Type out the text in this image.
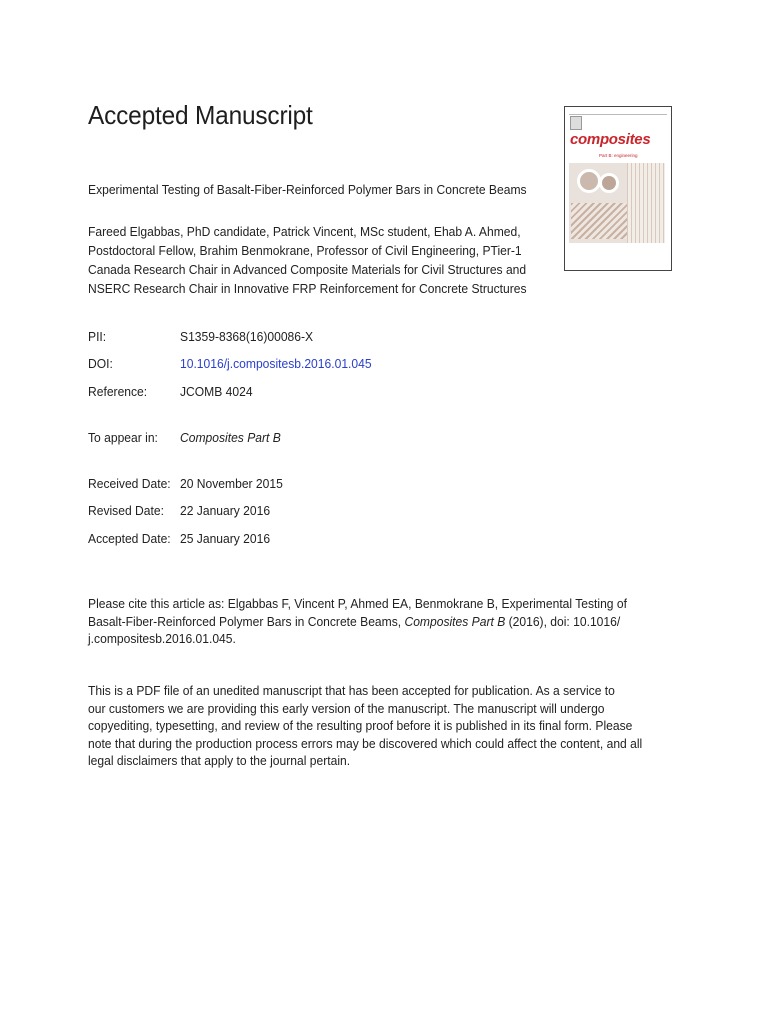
Accepted Manuscript
composites
Part B: engineering
Experimental Testing of Basalt-Fiber-Reinforced Polymer Bars in Concrete Beams
Fareed Elgabbas, PhD candidate, Patrick Vincent, MSc student, Ehab A. Ahmed,
Postdoctoral Fellow, Brahim Benmokrane, Professor of Civil Engineering, PTier-1
Canada Research Chair in Advanced Composite Materials for Civil Structures and
NSERC Research Chair in Innovative FRP Reinforcement for Concrete Structures
PII:	S1359-8368(16)00086-X
DOI:	10.1016/j.compositesb.2016.01.045
Reference:	JCOMB 4024
To appear in: Composites Part B
Received Date: 20 November 2015
Revised Date: 22 January 2016
Accepted Date: 25 January 2016
Please cite this article as: Elgabbas F, Vincent P, Ahmed EA, Benmokrane B, Experimental Testing of
Basalt-Fiber-Reinforced Polymer Bars in Concrete Beams, Composites Part B (2016), doi: 10.1016/
j.compositesb.2016.01.045.
This is a PDF file of an unedited manuscript that has been accepted for publication. As a service to
our customers we are providing this early version of the manuscript. The manuscript will undergo
copyediting, typesetting, and review of the resulting proof before it is published in its final form. Please
note that during the production process errors may be discovered which could affect the content, and all
legal disclaimers that apply to the journal pertain.
